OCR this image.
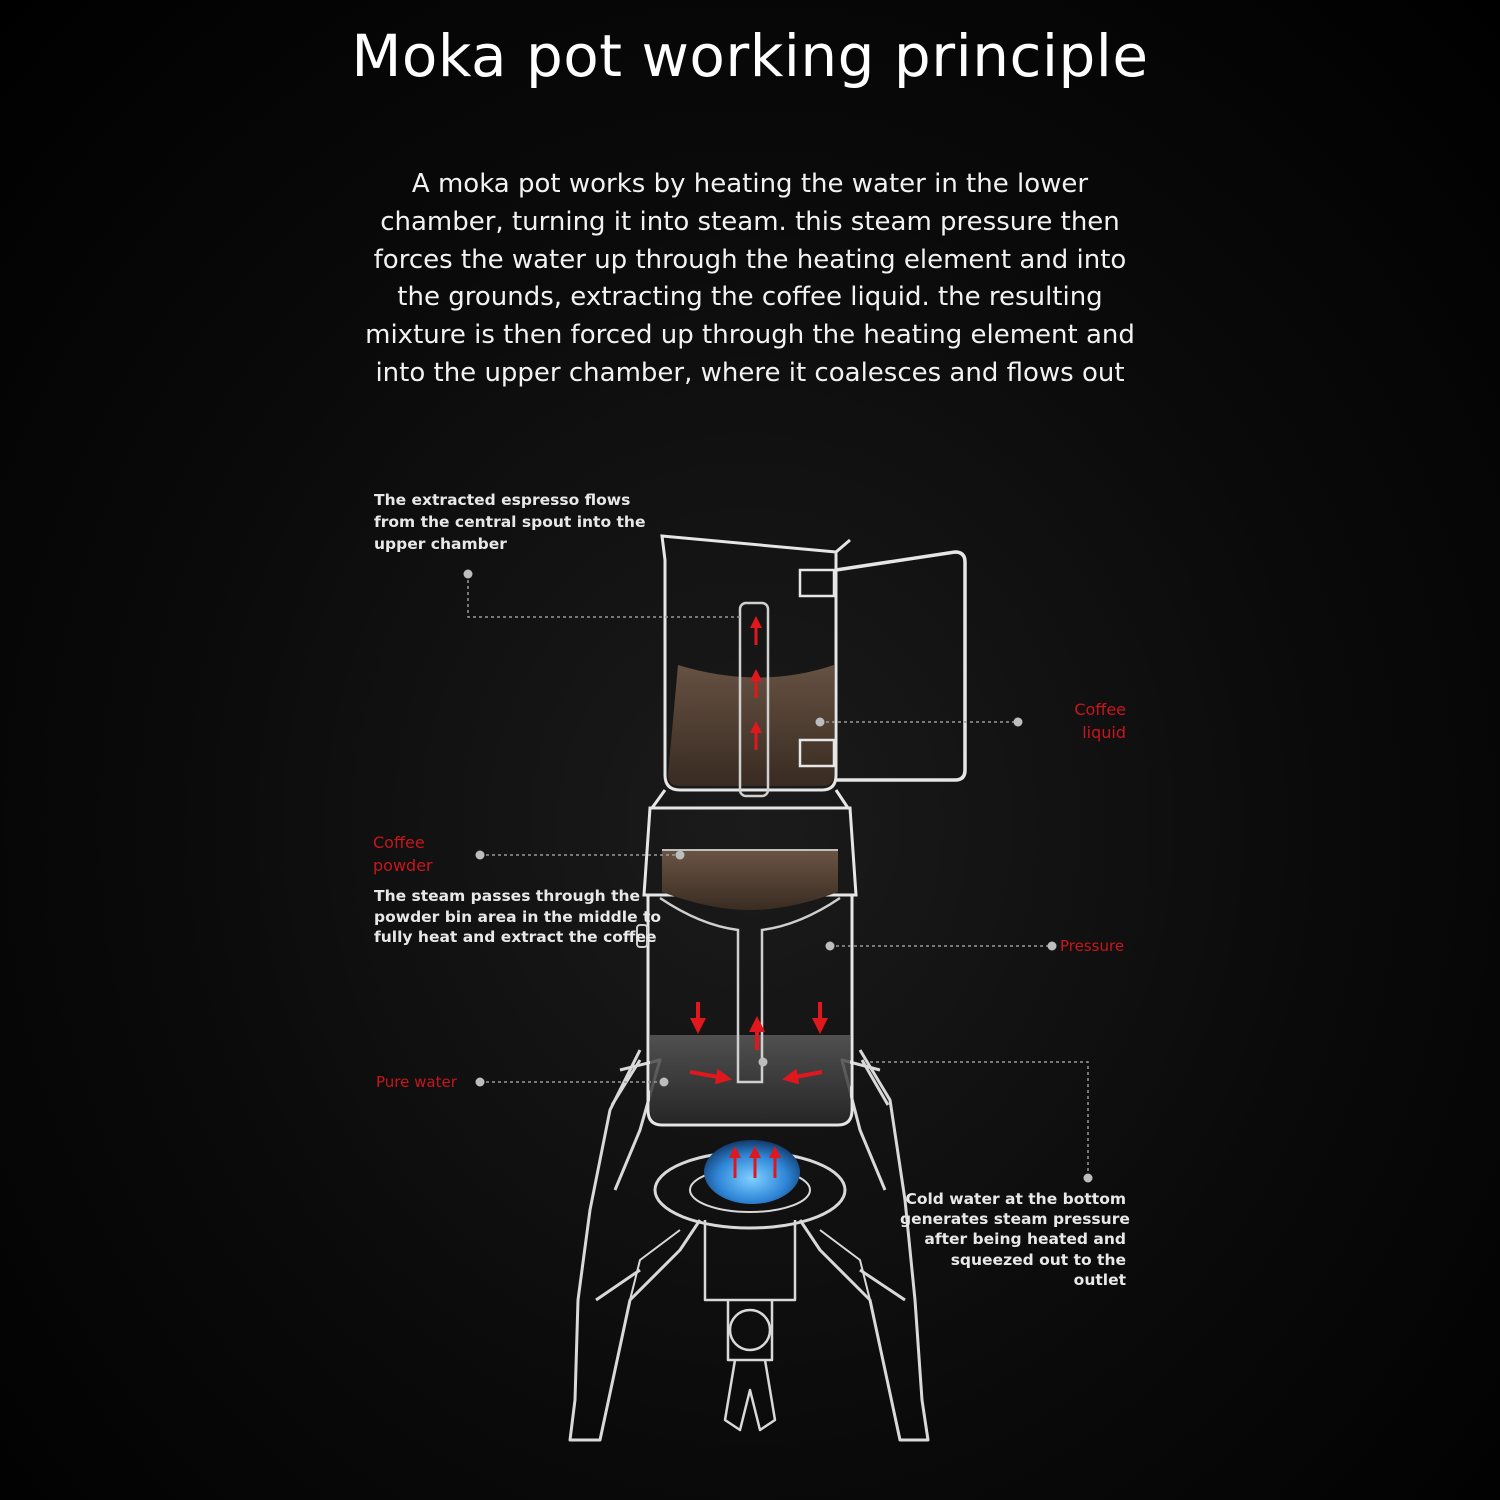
Moka pot working principle
A moka pot works by heating the water in the lower
chamber, turning it into steam. this steam pressure then
forces the water up through the heating element and into
the grounds, extracting the coffee liquid. the resulting
mixture is then forced up through the heating element and
into the upper chamber, where it coalesces and flows out
The extracted espresso flows
from the central spout into the
upper chamber
Coffee
liquid
Coffee
powder
The steam passes through the
powder bin area in the middle to
fully heat and extract the coffee	Pressure
Pure water
Cold water at the bottom
generates steam pressure
after being heated and
squeezed out to the
outlet
